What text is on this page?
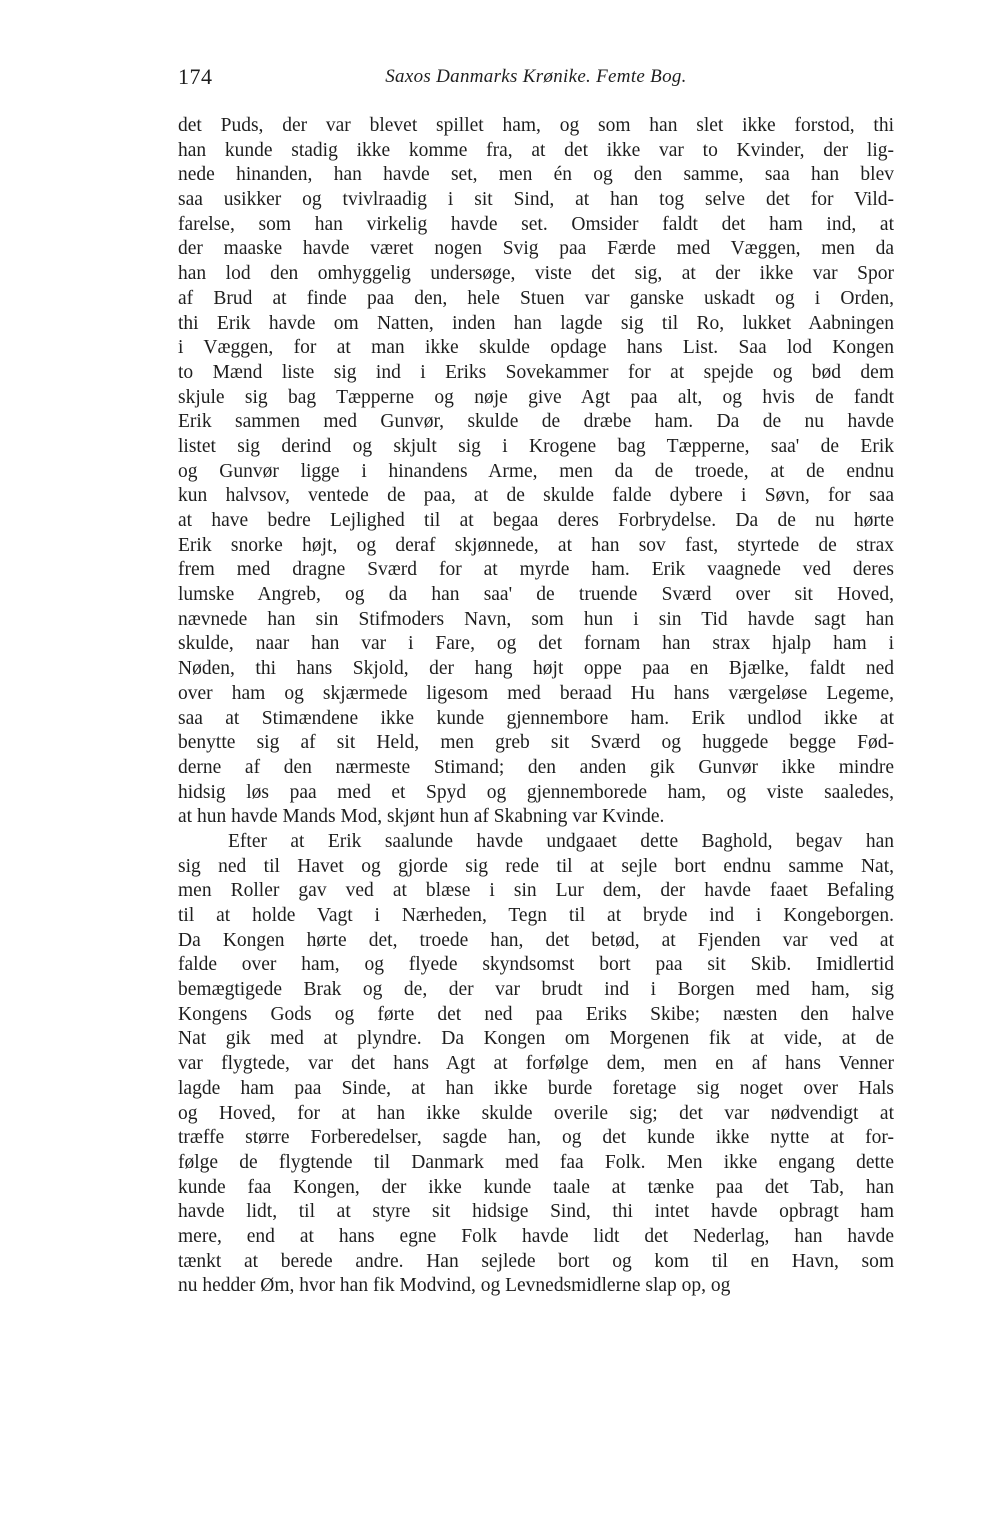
174	Saxos Danmarks Krønike. Femte Bog.
det Puds, der var blevet spillet ham, og som han slet ikke forstod, thi
han kunde stadig ikke komme fra, at det ikke var to Kvinder, der lig-
nede hinanden, han havde set, men én og den samme, saa han blev
saa usikker og tvivlraadig i sit Sind, at han tog selve det for Vild-
farelse, som han virkelig havde set. Omsider faldt det ham ind, at
der maaske havde været nogen Svig paa Færde med Væggen, men da
han lod den omhyggelig undersøge, viste det sig, at der ikke var Spor
af Brud at finde paa den, hele Stuen var ganske uskadt og i Orden,
thi Erik havde om Natten, inden han lagde sig til Ro, lukket Aabningen
i Væggen, for at man ikke skulde opdage hans List. Saa lod Kongen
to Mænd liste sig ind i Eriks Sovekammer for at spejde og bød dem
skjule sig bag Tæpperne og nøje give Agt paa alt, og hvis de fandt
Erik sammen med Gunvør, skulde de dræbe ham. Da de nu havde
listet sig derind og skjult sig i Krogene bag Tæpperne, saa' de Erik
og Gunvør ligge i hinandens Arme, men da de troede, at de endnu
kun halvsov, ventede de paa, at de skulde falde dybere i Søvn, for saa
at have bedre Lejlighed til at begaa deres Forbrydelse. Da de nu hørte
Erik snorke højt, og deraf skjønnede, at han sov fast, styrtede de strax
frem med dragne Sværd for at myrde ham. Erik vaagnede ved deres
lumske Angreb, og da han saa' de truende Sværd over sit Hoved,
nævnede han sin Stifmoders Navn, som hun i sin Tid havde sagt han
skulde, naar han var i Fare, og det fornam han strax hjalp ham i
Nøden, thi hans Skjold, der hang højt oppe paa en Bjælke, faldt ned
over ham og skjærmede ligesom med beraad Hu hans værgeløse Legeme,
saa at Stimændene ikke kunde gjennembore ham. Erik undlod ikke at
benytte sig af sit Held, men greb sit Sværd og huggede begge Fød-
derne af den nærmeste Stimand; den anden gik Gunvør ikke mindre
hidsig løs paa med et Spyd og gjennemborede ham, og viste saaledes,
at hun havde Mands Mod, skjønt hun af Skabning var Kvinde.
Efter at Erik saalunde havde undgaaet dette Baghold, begav han
sig ned til Havet og gjorde sig rede til at sejle bort endnu samme Nat,
men Roller gav ved at blæse i sin Lur dem, der havde faaet Befaling
til at holde Vagt i Nærheden, Tegn til at bryde ind i Kongeborgen.
Da Kongen hørte det, troede han, det betød, at Fjenden var ved at
falde over ham, og flyede skyndsomst bort paa sit Skib. Imidlertid
bemægtigede Brak og de, der var brudt ind i Borgen med ham, sig
Kongens Gods og førte det ned paa Eriks Skibe; næsten den halve
Nat gik med at plyndre. Da Kongen om Morgenen fik at vide, at de
var flygtede, var det hans Agt at forfølge dem, men en af hans Venner
lagde ham paa Sinde, at han ikke burde foretage sig noget over Hals
og Hoved, for at han ikke skulde overile sig; det var nødvendigt at
træffe større Forberedelser, sagde han, og det kunde ikke nytte at for-
følge de flygtende til Danmark med faa Folk. Men ikke engang dette
kunde faa Kongen, der ikke kunde taale at tænke paa det Tab, han
havde lidt, til at styre sit hidsige Sind, thi intet havde opbragt ham
mere, end at hans egne Folk havde lidt det Nederlag, han havde
tænkt at berede andre. Han sejlede bort og kom til en Havn, som
nu hedder Øm, hvor han fik Modvind, og Levnedsmidlerne slap op, og
